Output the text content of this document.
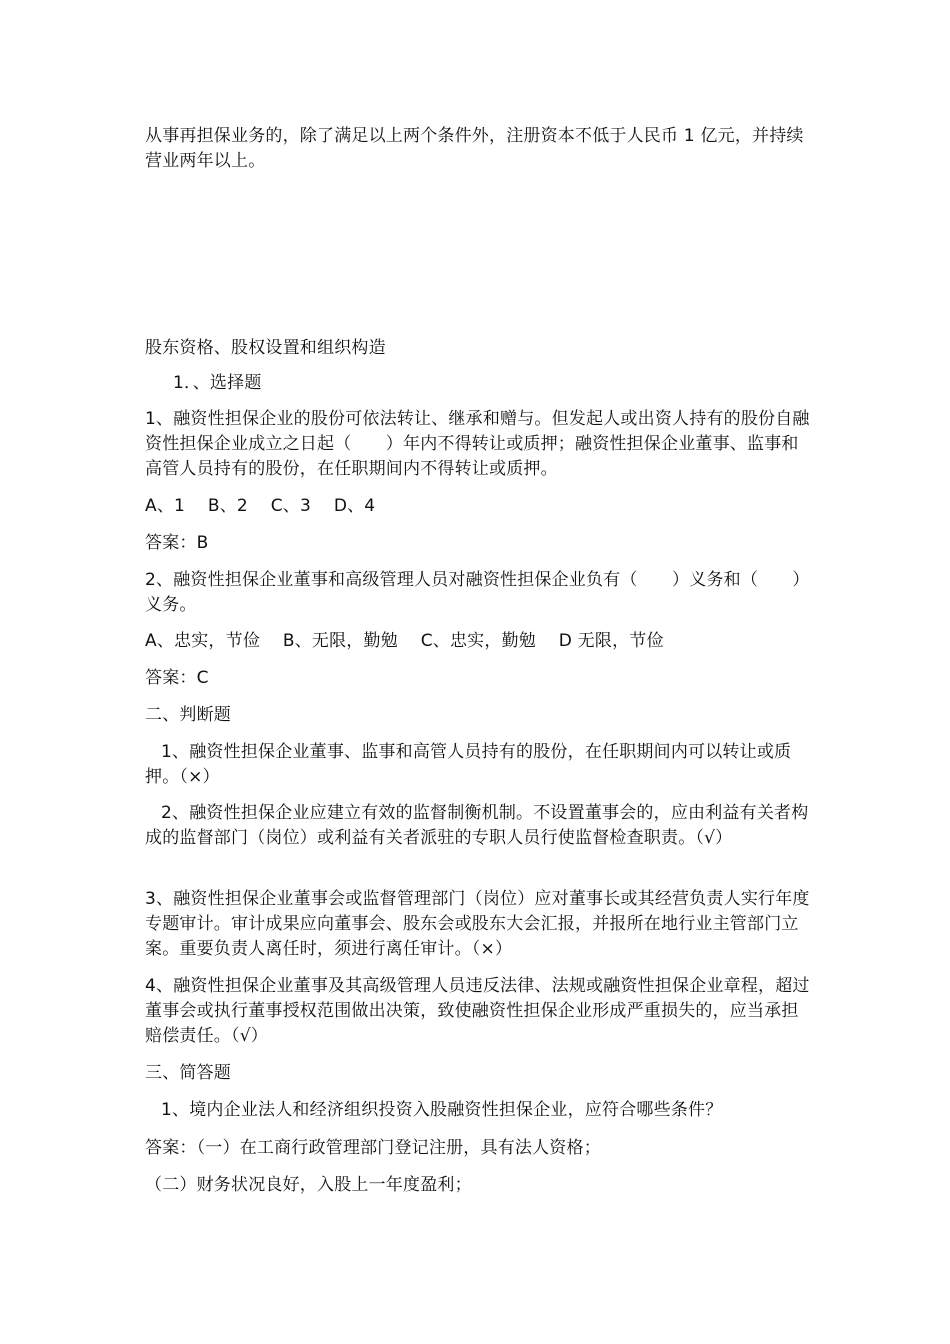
从事再担保业务的，除了满足以上两个条件外，注册资本不低于人民币 1 亿元，并持续营业两年以上。
股东资格、股权设置和组织构造
1．、选择题
1、融资性担保企业的股份可依法转让、继承和赠与。但发起人或出资人持有的股份自融资性担保企业成立之日起（　　）年内不得转让或质押；融资性担保企业董事、监事和高管人员持有的股份，在任职期间内不得转让或质押。
A、1　 B、2　 C、3　 D、4
答案：B
2、融资性担保企业董事和高级管理人员对融资性担保企业负有（　　）义务和（　　）义务。
A、忠实，节俭　 B、无限，勤勉　 C、忠实，勤勉　 D 无限，节俭
答案：C
二、判断题
1、融资性担保企业董事、监事和高管人员持有的股份，在任职期间内可以转让或质押。（×）
2、融资性担保企业应建立有效的监督制衡机制。不设置董事会的，应由利益有关者构成的监督部门（岗位）或利益有关者派驻的专职人员行使监督检查职责。（√）
3、融资性担保企业董事会或监督管理部门（岗位）应对董事长或其经营负责人实行年度专题审计。审计成果应向董事会、股东会或股东大会汇报，并报所在地行业主管部门立案。重要负责人离任时，须进行离任审计。（×）
4、融资性担保企业董事及其高级管理人员违反法律、法规或融资性担保企业章程，超过董事会或执行董事授权范围做出决策，致使融资性担保企业形成严重损失的，应当承担赔偿责任。（√）
三、简答题
1、境内企业法人和经济组织投资入股融资性担保企业，应符合哪些条件？
答案：（一）在工商行政管理部门登记注册，具有法人资格；
（二）财务状况良好，入股上一年度盈利；
